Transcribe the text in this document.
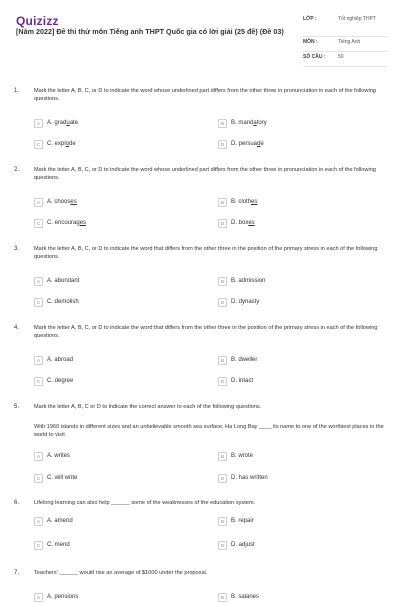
Quizizz
[Năm 2022] Đề thi thử môn Tiếng anh THPT Quốc gia có lời giải (25 đề) (Đề 03)
LỚP :	Tốt nghiệp THPT
MÔN :	Tiếng Anh
SỐ CÂU :	50
1.	Mark the letter A, B, C, or D to indicate the word whose underlined part differs from the other three in pronunciation in each of the following questions.
A	A. graduate	B	B. mandatory
C	C. explode	D	D. persuade
2.	Mark the letter A, B, C, or D to indicate the word whose underlined part differs from the other three in pronunciation in each of the following questions.
A	A. chooses	B	B. clothes
C	C. encourages	D	D. boxes
3.	Mark the letter A, B, C, or D to indicate the word that differs from the other three in the position of the primary stress in each of the following questions.
A	A. abundant	B	B. admission
C	C. demolish	D	D. dynasty
4.	Mark the letter A, B, C, or D to indicate the word that differs from the other three in the position of the primary stress in each of the following questions.
A	A. abroad	B	B. dweller
C	C. degree	D	D. intact
5.	Mark the letter A, B, C or D to indicate the correct answer to each of the following questions.
With 1960 islands in different sizes and an unbelievable smooth sea surface, Ha Long Bay ____ its name to one of the worthiest places in the world to visit
A	A. writes	B	B. wrote
C	C. will write	D	D. has written
6.	Lifelong learning can also help ______ some of the weaknesses of the education system.
A	A. amend	B	B. repair
C	C. mend	D	D. adjust
7.	Teachers' ______ would rise an average of $1000 under the proposal.
A	A. pensions	B	B. salaries
